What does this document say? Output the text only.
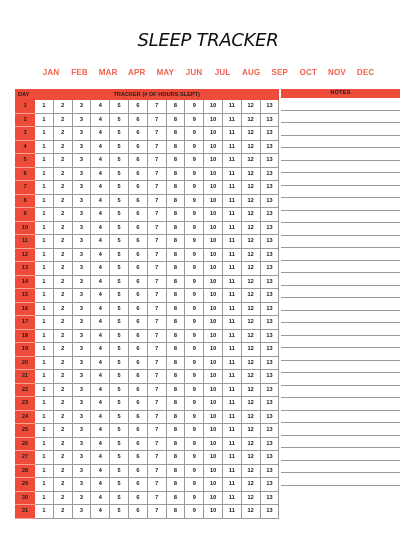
SLEEP TRACKER
JAN	FEB	MAR	APR	MAY	JUN	JUL	AUG	SEP	OCT	NOV	DEC
DAY	TRACKER (# OF HOURS SLEPT)												
1	1	2	3	4	5	6	7	8	9	10	11	12	13
2	1	2	3	4	5	6	7	8	9	10	11	12	13
3	1	2	3	4	5	6	7	8	9	10	11	12	13
4	1	2	3	4	5	6	7	8	9	10	11	12	13
5	1	2	3	4	5	6	7	8	9	10	11	12	13
6	1	2	3	4	5	6	7	8	9	10	11	12	13
7	1	2	3	4	5	6	7	8	9	10	11	12	13
8	1	2	3	4	5	6	7	8	9	10	11	12	13
9	1	2	3	4	5	6	7	8	9	10	11	12	13
10	1	2	3	4	5	6	7	8	9	10	11	12	13
11	1	2	3	4	5	6	7	8	9	10	11	12	13
12	1	2	3	4	5	6	7	8	9	10	11	12	13
13	1	2	3	4	5	6	7	8	9	10	11	12	13
14	1	2	3	4	5	6	7	8	9	10	11	12	13
15	1	2	3	4	5	6	7	8	9	10	11	12	13
16	1	2	3	4	5	6	7	8	9	10	11	12	13
17	1	2	3	4	5	6	7	8	9	10	11	12	13
18	1	2	3	4	5	6	7	8	9	10	11	12	13
19	1	2	3	4	5	6	7	8	9	10	11	12	13
20	1	2	3	4	5	6	7	8	9	10	11	12	13
21	1	2	3	4	5	6	7	8	9	10	11	12	13
22	1	2	3	4	5	6	7	8	9	10	11	12	13
23	1	2	3	4	5	6	7	8	9	10	11	12	13
24	1	2	3	4	5	6	7	8	9	10	11	12	13
25	1	2	3	4	5	6	7	8	9	10	11	12	13
26	1	2	3	4	5	6	7	8	9	10	11	12	13
27	1	2	3	4	5	6	7	8	9	10	11	12	13
28	1	2	3	4	5	6	7	8	9	10	11	12	13
29	1	2	3	4	5	6	7	8	9	10	11	12	13
30	1	2	3	4	5	6	7	8	9	10	11	12	13
31	1	2	3	4	5	6	7	8	9	10	11	12	13
NOTES
